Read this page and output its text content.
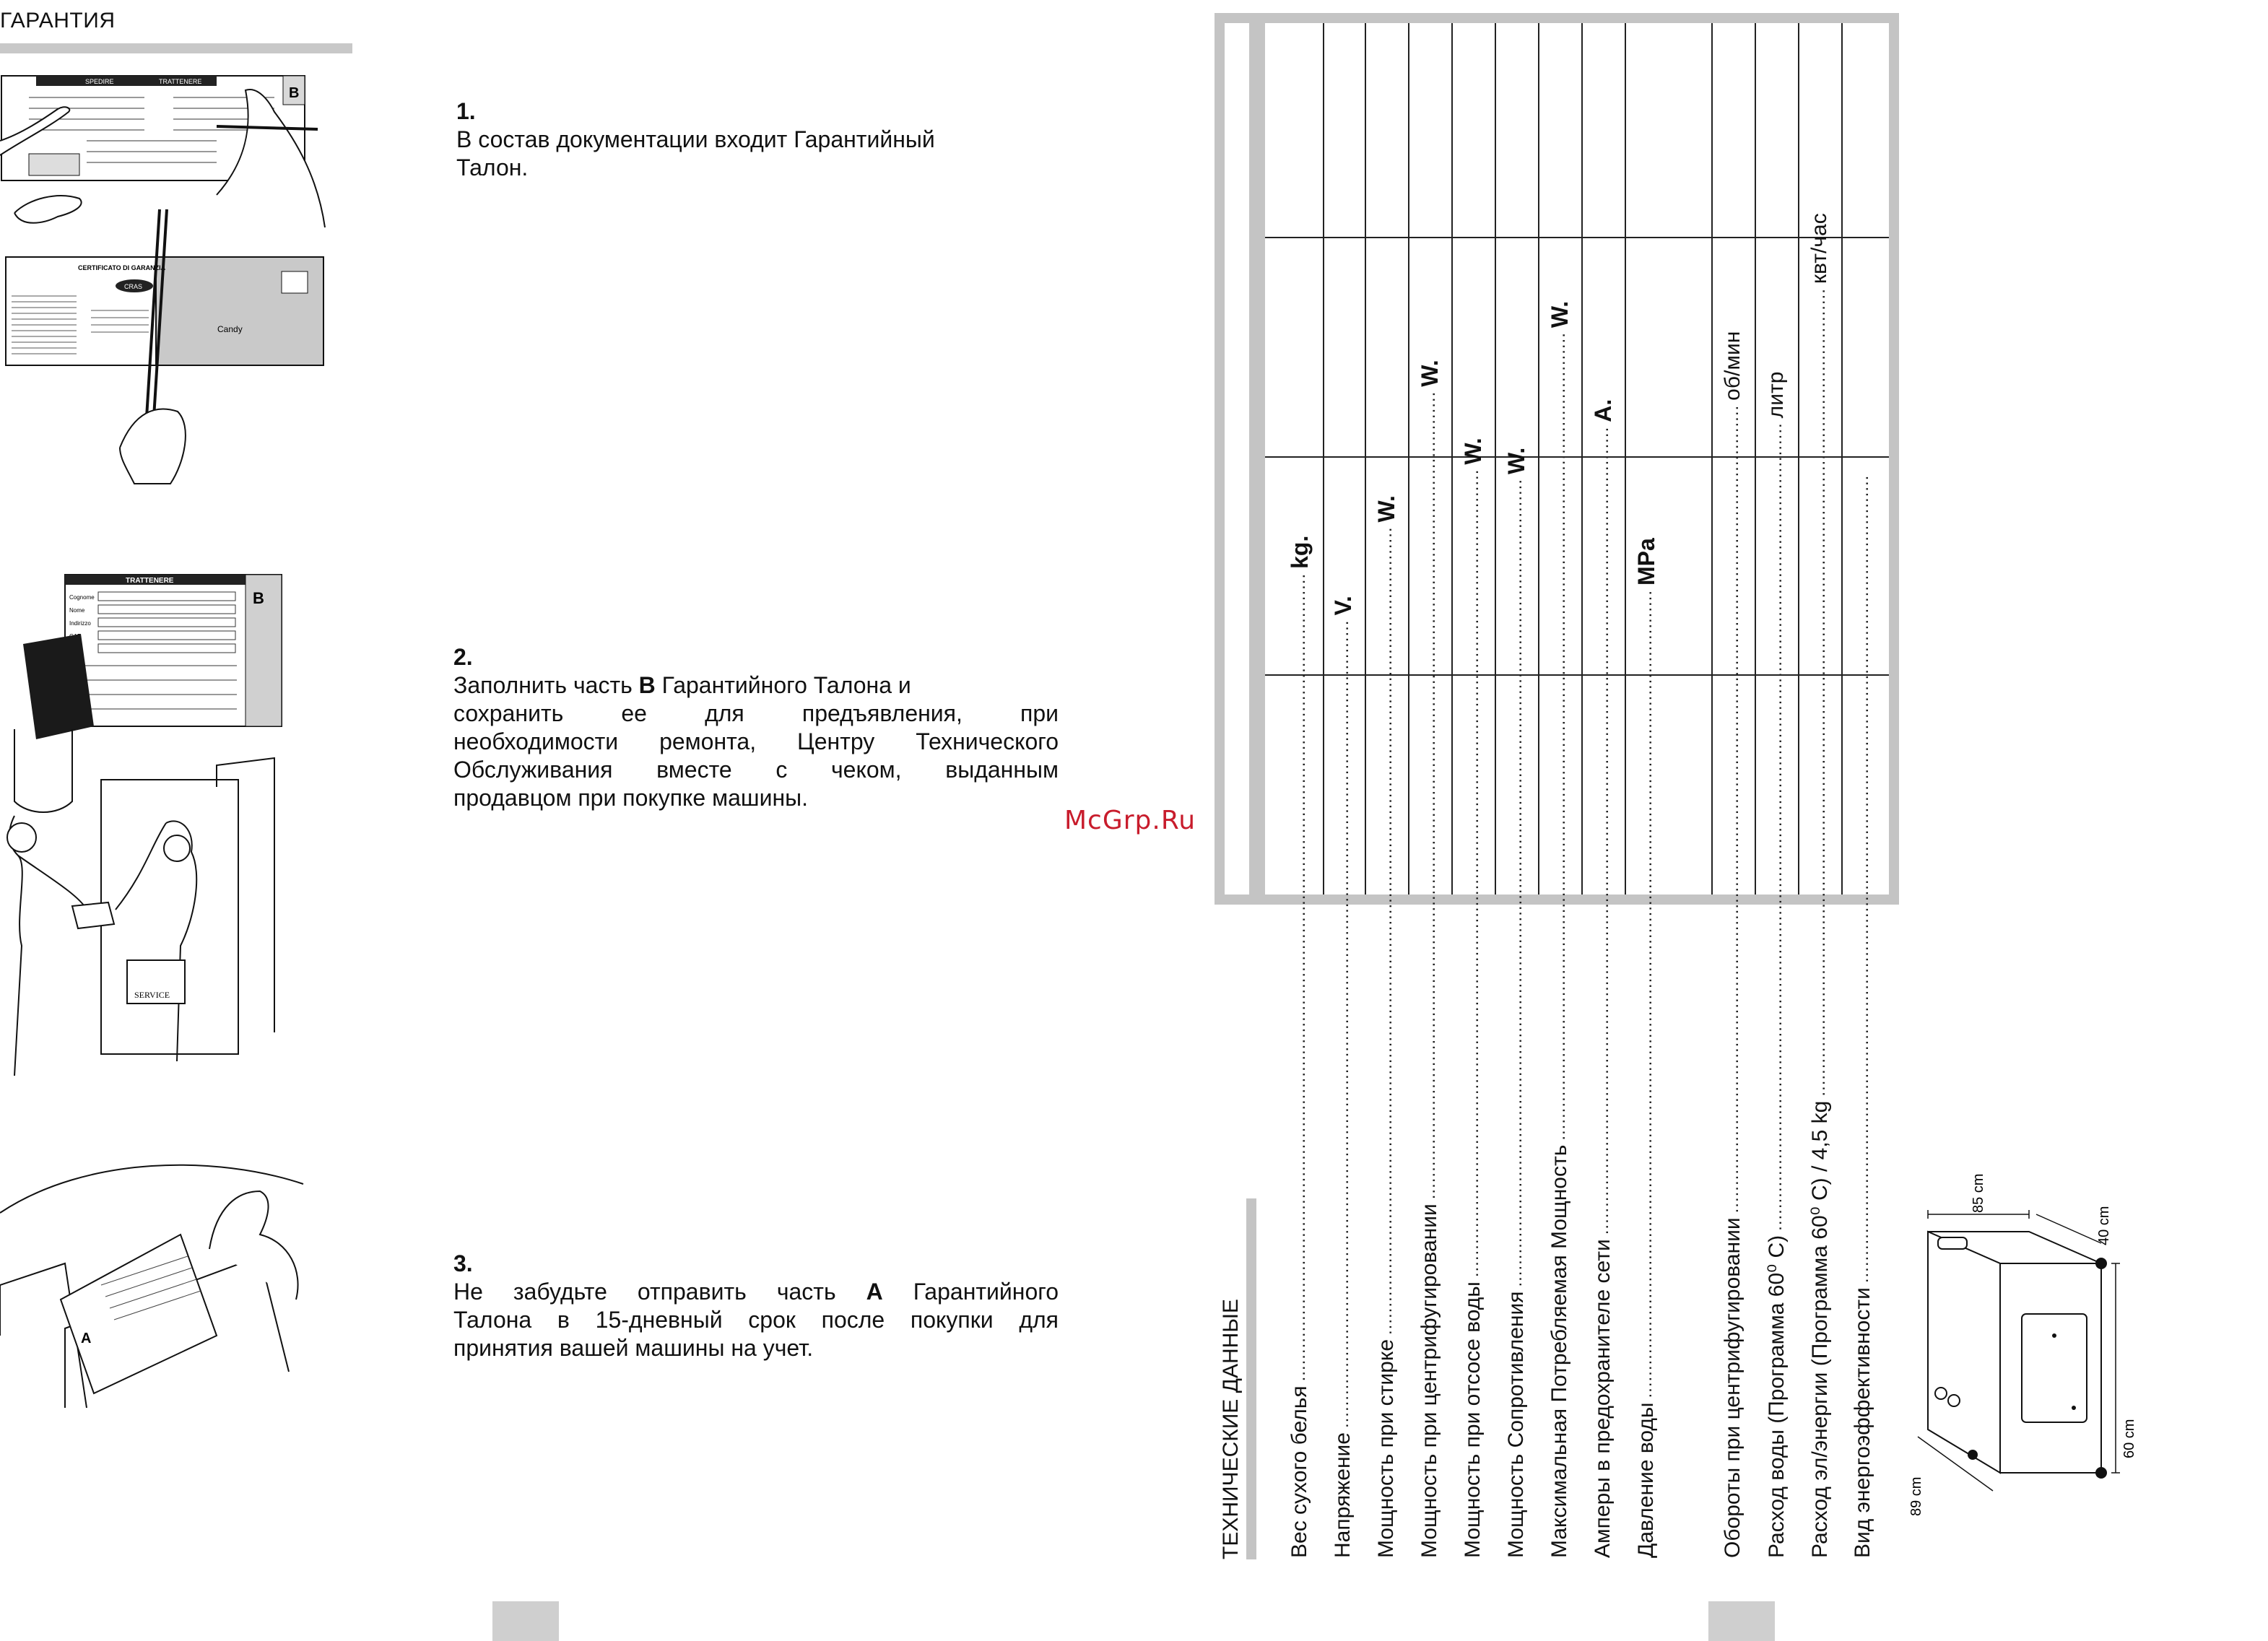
ГАРАНТИЯ
SPEDIRE	TRATTENERE
B
CERTIFICATO DI GARANZIA
CRAS
Candy
1.
В состав документации входит Гарантийный Талон.
TRATTENERE
B
Cognome
Nome
Indirizzo
SERVICE
2.
Заполнить часть B Гарантийного Талона и
сохранить ее для предъявления, при
необходимости ремонта, Центру Технического
Обслуживания вместе с чеком, выданным
продавцом при покупке машины.
A
3.
Не забудьте отправить часть A Гарантийного
Талона в 15-дневный срок после покупки для
принятия вашей машины на учет.
McGrp.Ru
ТЕХНИЧЕСКИЕ ДАННЫЕ	Вес сухого белья
..................................................................................................................................................
kg.
Напряжение
..................................................................................................................................................
V.
Мощность при стирке
..................................................................................................................................................
W.
Мощность при центрифугировании
..................................................................................................................................................
W.
Мощность при отсосе воды
..................................................................................................................................................
W.
Мощность Сопротивления
..................................................................................................................................................
W.
Максимальная Потребляемая Мощность
..................................................................................................................................................
W.
Амперы в предохранителе сети
..................................................................................................................................................
A.
Давление воды
..................................................................................................................................................
MPa
Обороты при центрифугировании
..................................................................................................................................................
об/мин
Расход воды (Программа 60⁰ С)
..................................................................................................................................................
литр
Расход эл/энергии (Программа 60⁰ С) / 4,5 kg
..................................................................................................................................................
квт/час
Вид энергоэффективности
..................................................................................................................................................	85 cm
40 cm
60 cm
89 cm
